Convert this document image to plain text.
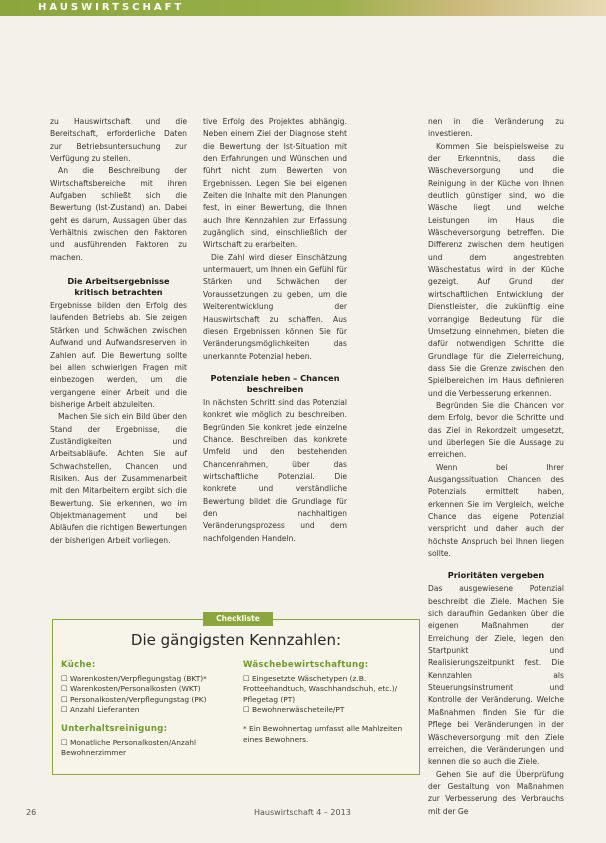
HAUSWIRTSCHAFT

zu Hauswirtschaft und die Bereitschaft, erforderliche Daten zur Betriebsuntersuchung zur Verfügung zu stellen.

An die Beschreibung der Wirtschaftsbereiche mit ihren Aufgaben schließt sich die Bewertung (Ist-Zustand) an. Dabei geht es darum, Aussagen über das Verhältnis zwischen den Faktoren und ausführenden Faktoren zu machen.

Die Arbeitsergebnisse
kritisch betrachten

Ergebnisse bilden den Erfolg des laufenden Betriebs ab. Sie zeigen Stärken und Schwächen zwischen Aufwand und Aufwandsreserven in Zahlen auf. Die Bewertung sollte bei allen schwierigen Fragen mit einbezogen werden, um die vergangene einer Arbeit und die bisherige Arbeit abzuleiten.

Machen Sie sich ein Bild über den Stand der Ergebnisse, die Zuständigkeiten und Arbeitsabläufe. Achten Sie auf Schwachstellen, Chancen und Risiken. Aus der Zusammenarbeit mit den Mitarbeitern ergibt sich die Bewertung. Sie erkennen, wo im Objektmanagement und bei Abläufen die richtigen Bewertungen der bisherigen Arbeit vorliegen.

tive Erfolg des Projektes abhängig. Neben einem Ziel der Diagnose steht die Bewertung der Ist-Situation mit den Erfahrungen und Wünschen und führt nicht zum Bewerten von Ergebnissen. Legen Sie bei eigenen Zeiten die Inhalte mit den Planungen fest, in einer Bewertung, die Ihnen auch Ihre Kennzahlen zur Erfassung zugänglich sind, einschließlich der Wirtschaft zu erarbeiten.

Die Zahl wird dieser Einschätzung untermauert, um Ihnen ein Gefühl für Stärken und Schwächen der Voraussetzungen zu geben, um die Weiterentwicklung der Hauswirtschaft zu schaffen. Aus diesen Ergebnissen können Sie für Veränderungsmöglichkeiten das unerkannte Potenzial heben.

Potenziale heben – Chancen
beschreiben

In nächsten Schritt sind das Potenzial konkret wie möglich zu beschreiben. Begründen Sie konkret jede einzelne Chance. Beschreiben das konkrete Umfeld und den bestehenden Chancenrahmen, über das wirtschaftliche Potenzial. Die konkrete und verständliche Bewertung bildet die Grundlage für den nachhaltigen Veränderungsprozess und dem nachfolgenden Handeln.

nen in die Veränderung zu investieren.

Kommen Sie beispielsweise zu der Erkenntnis, dass die Wäscheversorgung und die Reinigung in der Küche von Ihnen deutlich günstiger sind, wo die Wäsche liegt und welche Leistungen im Haus die Wäscheversorgung betreffen. Die Differenz zwischen dem heutigen und dem angestrebten Wäschestatus wird in der Küche gezeigt. Auf Grund der wirtschaftlichen Entwicklung der Dienstleister, die zukünftig eine vorrangige Bedeutung für die Umsetzung einnehmen, bieten die dafür notwendigen Schritte die Grundlage für die Zielerreichung, dass Sie die Grenze zwischen den Spielbereichen im Haus definieren und die Verbesserung erkennen.

Begründen Sie die Chancen vor dem Erfolg, bevor die Schritte und das Ziel in Rekordzeit umgesetzt, und überlegen Sie die Aussage zu erreichen.

Wenn bei Ihrer Ausgangssituation Chancen des Potenzials ermittelt haben, erkennen Sie im Vergleich, welche Chance das eigene Potenzial verspricht und daher auch der höchste Anspruch bei Ihnen liegen sollte.

Prioritäten vergeben

Das ausgewiesene Potenzial beschreibt die Ziele. Machen Sie sich daraufhin Gedanken über die eigenen Maßnahmen der Erreichung der Ziele, legen den Startpunkt und Realisierungszeitpunkt fest. Die Kennzahlen als Steuerungsinstrument und Kontrolle der Veränderung. Welche Maßnahmen finden Sie für die Pflege bei Veränderungen in der Wäscheversorgung mit den Ziele erreichen, die Veränderungen und kennen die so auch die Ziele.

Gehen Sie auf die Überprüfung der Gestaltung von Maßnahmen zur Verbesserung des Verbrauchs mit der Ge

Checkliste
Die gängigsten Kennzahlen:
Küche:

☐ Warenkosten/Verpflegungstag (BKT)*

☐ Warenkosten/Personalkosten (WKT)

☐ Personalkosten/Verpflegungstag (PK)

☐ Anzahl Lieferanten

Unterhaltsreinigung:

☐ Monatliche Personalkosten/Anzahl Bewohnerzimmer

Wäschebewirtschaftung:

☐ Eingesetzte Wäschetypen (z.B. Frotteehandtuch, Waschhandschuh, etc.)/ Pflegetag (PT)

☐ Bewohnerwäscheteile/PT

* Ein Bewohnertag umfasst alle Mahlzeiten eines Bewohners.

26	Hauswirtschaft 4 – 2013
